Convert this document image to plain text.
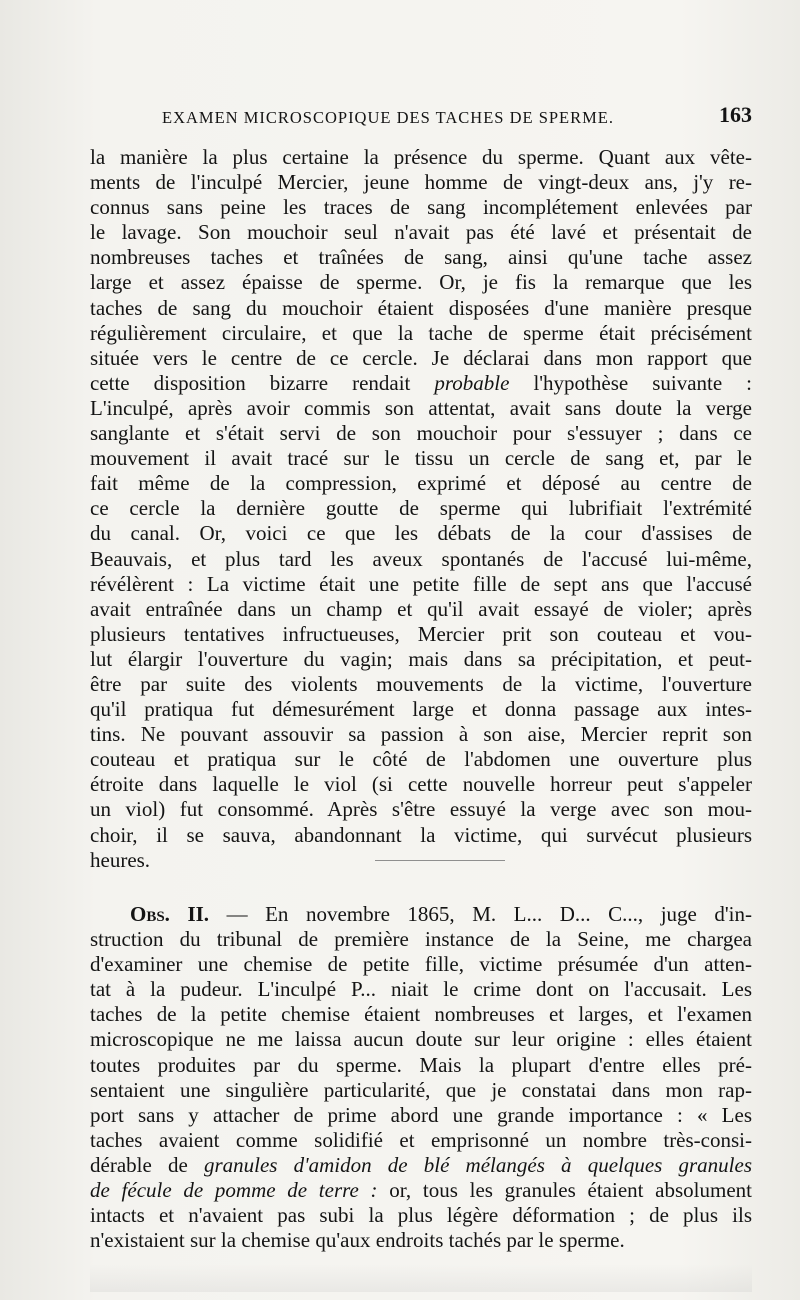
EXAMEN MICROSCOPIQUE DES TACHES DE SPERME.	163
la manière la plus certaine la présence du sperme. Quant aux vête-
ments de l'inculpé Mercier, jeune homme de vingt-deux ans, j'y re-
connus sans peine les traces de sang incomplétement enlevées par
le lavage. Son mouchoir seul n'avait pas été lavé et présentait de
nombreuses taches et traînées de sang, ainsi qu'une tache assez
large et assez épaisse de sperme. Or, je fis la remarque que les
taches de sang du mouchoir étaient disposées d'une manière presque
régulièrement circulaire, et que la tache de sperme était précisément
située vers le centre de ce cercle. Je déclarai dans mon rapport que
cette disposition bizarre rendait probable l'hypothèse suivante :
L'inculpé, après avoir commis son attentat, avait sans doute la verge
sanglante et s'était servi de son mouchoir pour s'essuyer ; dans ce
mouvement il avait tracé sur le tissu un cercle de sang et, par le
fait même de la compression, exprimé et déposé au centre de
ce cercle la dernière goutte de sperme qui lubrifiait l'extrémité
du canal. Or, voici ce que les débats de la cour d'assises de
Beauvais, et plus tard les aveux spontanés de l'accusé lui-même,
révélèrent : La victime était une petite fille de sept ans que l'accusé
avait entraînée dans un champ et qu'il avait essayé de violer; après
plusieurs tentatives infructueuses, Mercier prit son couteau et vou-
lut élargir l'ouverture du vagin; mais dans sa précipitation, et peut-
être par suite des violents mouvements de la victime, l'ouverture
qu'il pratiqua fut démesurément large et donna passage aux intes-
tins. Ne pouvant assouvir sa passion à son aise, Mercier reprit son
couteau et pratiqua sur le côté de l'abdomen une ouverture plus
étroite dans laquelle le viol (si cette nouvelle horreur peut s'appeler
un viol) fut consommé. Après s'être essuyé la verge avec son mou-
choir, il se sauva, abandonnant la victime, qui survécut plusieurs
heures.
Obs. II. — En novembre 1865, M. L... D... C..., juge d'in-
struction du tribunal de première instance de la Seine, me chargea
d'examiner une chemise de petite fille, victime présumée d'un atten-
tat à la pudeur. L'inculpé P... niait le crime dont on l'accusait. Les
taches de la petite chemise étaient nombreuses et larges, et l'examen
microscopique ne me laissa aucun doute sur leur origine : elles étaient
toutes produites par du sperme. Mais la plupart d'entre elles pré-
sentaient une singulière particularité, que je constatai dans mon rap-
port sans y attacher de prime abord une grande importance : « Les
taches avaient comme solidifié et emprisonné un nombre très-consi-
dérable de granules d'amidon de blé mélangés à quelques granules
de fécule de pomme de terre : or, tous les granules étaient absolument
intacts et n'avaient pas subi la plus légère déformation ; de plus ils
n'existaient sur la chemise qu'aux endroits tachés par le sperme.
